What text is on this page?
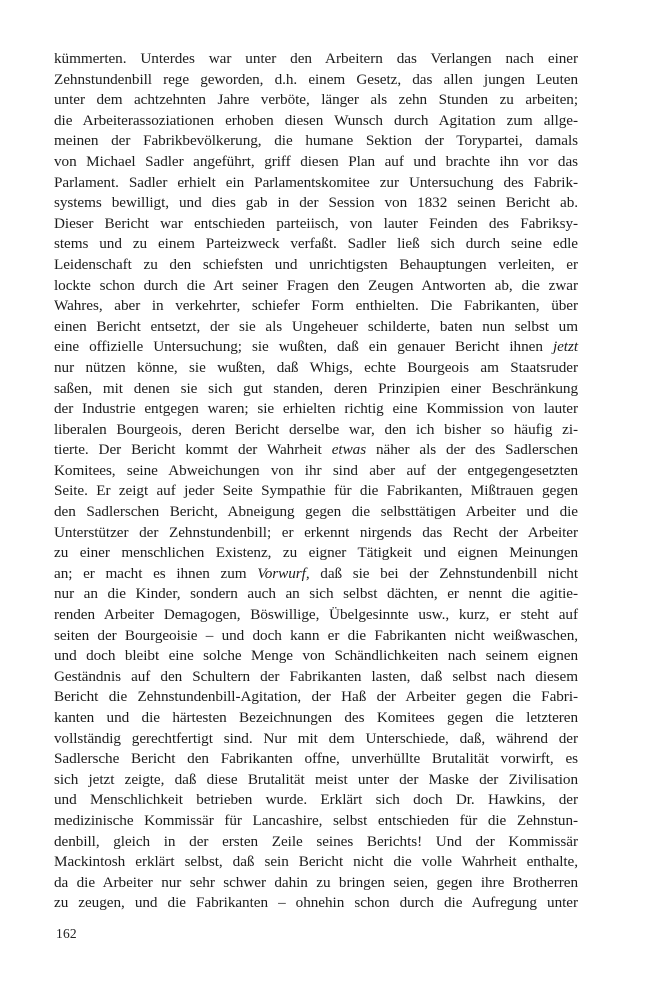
kümmerten. Unterdes war unter den Arbeitern das Verlangen nach einer
Zehnstundenbill rege geworden, d.h. einem Gesetz, das allen jungen Leuten
unter dem achtzehnten Jahre verböte, länger als zehn Stunden zu arbeiten;
die Arbeiterassoziationen erhoben diesen Wunsch durch Agitation zum allge-
meinen der Fabrikbevölkerung, die humane Sektion der Torypartei, damals
von Michael Sadler angeführt, griff diesen Plan auf und brachte ihn vor das
Parlament. Sadler erhielt ein Parlamentskomitee zur Untersuchung des Fabrik-
systems bewilligt, und dies gab in der Session von 1832 seinen Bericht ab.
Dieser Bericht war entschieden parteiisch, von lauter Feinden des Fabriksy-
stems und zu einem Parteizweck verfaßt. Sadler ließ sich durch seine edle
Leidenschaft zu den schiefsten und unrichtigsten Behauptungen verleiten, er
lockte schon durch die Art seiner Fragen den Zeugen Antworten ab, die zwar
Wahres, aber in verkehrter, schiefer Form enthielten. Die Fabrikanten, über
einen Bericht entsetzt, der sie als Ungeheuer schilderte, baten nun selbst um
eine offizielle Untersuchung; sie wußten, daß ein genauer Bericht ihnen jetzt
nur nützen könne, sie wußten, daß Whigs, echte Bourgeois am Staatsruder
saßen, mit denen sie sich gut standen, deren Prinzipien einer Beschränkung
der Industrie entgegen waren; sie erhielten richtig eine Kommission von lauter
liberalen Bourgeois, deren Bericht derselbe war, den ich bisher so häufig zi-
tierte. Der Bericht kommt der Wahrheit etwas näher als der des Sadlerschen
Komitees, seine Abweichungen von ihr sind aber auf der entgegengesetzten
Seite. Er zeigt auf jeder Seite Sympathie für die Fabrikanten, Mißtrauen gegen
den Sadlerschen Bericht, Abneigung gegen die selbsttätigen Arbeiter und die
Unterstützer der Zehnstundenbill; er erkennt nirgends das Recht der Arbeiter
zu einer menschlichen Existenz, zu eigner Tätigkeit und eignen Meinungen
an; er macht es ihnen zum Vorwurf, daß sie bei der Zehnstundenbill nicht
nur an die Kinder, sondern auch an sich selbst dächten, er nennt die agitie-
renden Arbeiter Demagogen, Böswillige, Übelgesinnte usw., kurz, er steht auf
seiten der Bourgeoisie – und doch kann er die Fabrikanten nicht weißwaschen,
und doch bleibt eine solche Menge von Schändlichkeiten nach seinem eignen
Geständnis auf den Schultern der Fabrikanten lasten, daß selbst nach diesem
Bericht die Zehnstundenbill-Agitation, der Haß der Arbeiter gegen die Fabri-
kanten und die härtesten Bezeichnungen des Komitees gegen die letzteren
vollständig gerechtfertigt sind. Nur mit dem Unterschiede, daß, während der
Sadlersche Bericht den Fabrikanten offne, unverhüllte Brutalität vorwirft, es
sich jetzt zeigte, daß diese Brutalität meist unter der Maske der Zivilisation
und Menschlichkeit betrieben wurde. Erklärt sich doch Dr. Hawkins, der
medizinische Kommissär für Lancashire, selbst entschieden für die Zehnstun-
denbill, gleich in der ersten Zeile seines Berichts! Und der Kommissär
Mackintosh erklärt selbst, daß sein Bericht nicht die volle Wahrheit enthalte,
da die Arbeiter nur sehr schwer dahin zu bringen seien, gegen ihre Brotherren
zu zeugen, und die Fabrikanten – ohnehin schon durch die Aufregung unter
162
